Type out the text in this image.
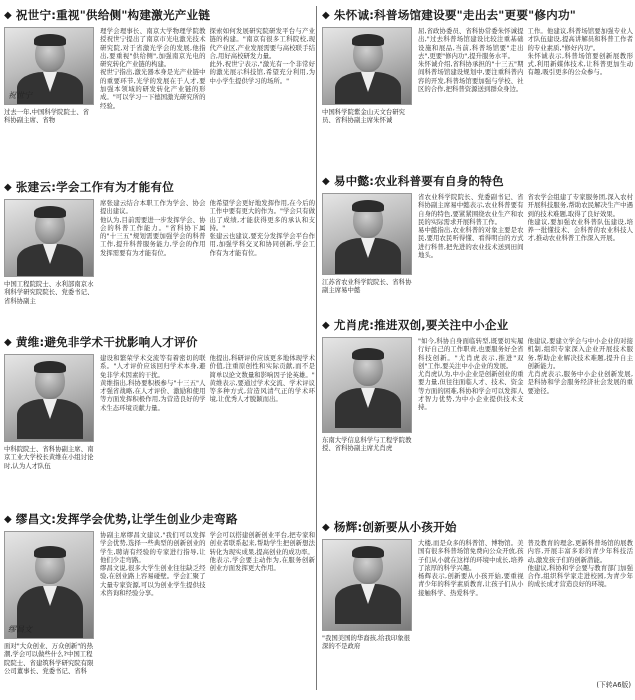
◆ 祝世宁:重视"供给侧"构建激光产业链
祝世宁
过去一年,中国科学院院士、省科协副主席、省物

理学会理事长、南京大学物理学院教授祝世宁提出了南京市光电激光技术研究院,对于省激光学会的发展,他指出,要重视"供给侧",加强南京光电的研究转化产业链的构建。

祝世宁指出,激光器本身是光产业链中的重要环节,光学的发展在于人才,要加强本领域的研发转化产业链的形成。"可以学习一下德国激光研究所的经验。

探索如何发展研究院研发平台与产业链的构建。"南京有很多工科院校,现代产业区,产业发展需要与高校联手结合,用好高校研发力量。

此外,祝世宁表示,"激光有一个非常好的激光展示科技馆,希望充分利用,为中小学生提供学习的场所。"

◆ 张建云:学会工作有为才能有位
中国工程院院士、水利部南京水利科学研究院院长、党委书记、省科协副主

席张建云结合本职工作为学会、协会提出建议。

他认为,目前需要进一步发挥学会、协会的科普工作能力。"省科协下属的"十三五"规划需要加强学会的科普工作,提升科普服务能力,学会的作用发挥需要有为才能有位。

他希望学会更好地发挥作用,在今后的工作中要有更大的作为。"学会只有做出了成绩,才能获得更多的承认和支持。"

张建云也建议,要充分发挥学会平台作用,加强学科交叉和协同创新,学会工作有为才能有位。

◆ 黄维:避免非学术干扰影响人才评价
中科院院士、省科协副主席、南京工业大学校长黄维在小组讨论时,认为人才队伍

建设和繁荣学术交流等有着密切的联系。"人才评价应该回归学术本身,避免非学术因素的干扰。

黄维指出,科协要积极参与"十三五"人才强省战略,在人才评价、激励和使用等方面发挥积极作用,为营造良好的学术生态环境贡献力量。

他提出,科研评价应该更多地体现学术价值,注重原创性和实际贡献,而不是简单以论文数量和影响因子论英雄。"

黄维表示,要通过学术交流、学术评议等多种方式,营造风清气正的学术环境,让优秀人才脱颖而出。

◆ 缪昌文:发挥学会优势,让学生创业少走弯路
缪昌文
面对"大众创业、万众创新"的热潮,学会可以做些什么?中国工程院院士、省建筑科学研究院有限公司董事长、党委书记、省科

协副主席缪昌文建议,"我们可以发挥学会优势,选择一些典型的创新创业的学生,聘请有经验的专家进行指导,让他们少走弯路。

缪昌文说,很多大学生创业往往缺乏经验,在创业路上容易碰壁。学会汇聚了大量专家资源,可以为创业学生提供技术咨询和经验分享。

学会可以搭建创新创业平台,把专家和创业者联系起来,帮助学生把创新想法转化为现实成果,提高创业的成功率。

他表示,学会要主动作为,在服务创新创业方面发挥更大作用。

◆ 朱怀诚:科普场馆建设要"走出去"更要"修内功"
中国科学院紫金山天文台研究员、省科协副主席朱怀诚

屈,省政协委员、省科协常委朱怀诚提出,"过去科普场馆建设比较注重基础设施和展品,当前,科普场馆要"走出去",更要"修内功",提升服务水平。

朱怀诚介绍,省科协承担的"十三五"期间科普场馆建设规划中,要注重科普内容的开发,科普场馆要加强与学校、社区的合作,把科普资源送到群众身边。

工作。他建议,科普场馆要加强专业人才队伍建设,提高讲解员和科普工作者的专业素质,"修好内功"。

朱怀诚表示,科普场馆要创新展教形式,利用新媒体技术,让科普更加生动有趣,吸引更多的公众参与。

◆ 易中懿:农业科普要有自身的特色
江苏省农业科学院院长、省科协副主席易中懿

省农业科学院院长、党委副书记、省科协副主席易中懿表示,农业科普要有自身的特色,要紧紧围绕农业生产和农民的实际需求开展科普工作。

易中懿指出,农业科普的对象主要是农民,要用农民听得懂、看得明白的方式进行科普,把先进的农业技术送到田间地头。

省农学会组建了专家服务团,深入农村开展科技服务,帮助农民解决生产中遇到的技术难题,取得了良好效果。

他建议,要加强农业科普队伍建设,培养一批懂技术、会科普的农业科技人才,推动农业科普工作深入开展。

◆ 尤肖虎:推进双创,要关注中小企业
东南大学信息科学与工程学院教授、省科协副主席尤肖虎

"如今,科协自身面临转型,既要切实履行好自己的工作职责,也要服务好全省科技创新。"尤肖虎表示,推进"双创"工作,要关注中小企业的发展。

尤肖虎认为,中小企业是创新创业的重要力量,但往往面临人才、技术、资金等方面的困难,科协和学会可以发挥人才智力优势,为中小企业提供技术支持。

他建议,要建立学会与中小企业的对接机制,组织专家深入企业开展技术服务,帮助企业解决技术难题,提升自主创新能力。

尤肖虎表示,服务中小企业创新发展,是科协和学会服务经济社会发展的重要途径。

◆ 杨辉:创新要从小孩开始
"我国美国的华裔孩,给我印象很深的不是政府

大楼,而是众多的科普馆、博物馆。美国有很多科普场馆免费向公众开放,孩子们从小就在这样的环境中成长,培养了浓厚的科学兴趣。

杨辉表示,创新要从小孩开始,要重视青少年的科学素质教育,让孩子们从小接触科学、热爱科学。

普及教育的理念,更新科普场馆的展教内容,开展丰富多彩的青少年科技活动,激发孩子们的创新潜能。

他建议,科协和学会要与教育部门加强合作,组织科学家走进校园,为青少年的成长成才营造良好的环境。

(下转A6版)
